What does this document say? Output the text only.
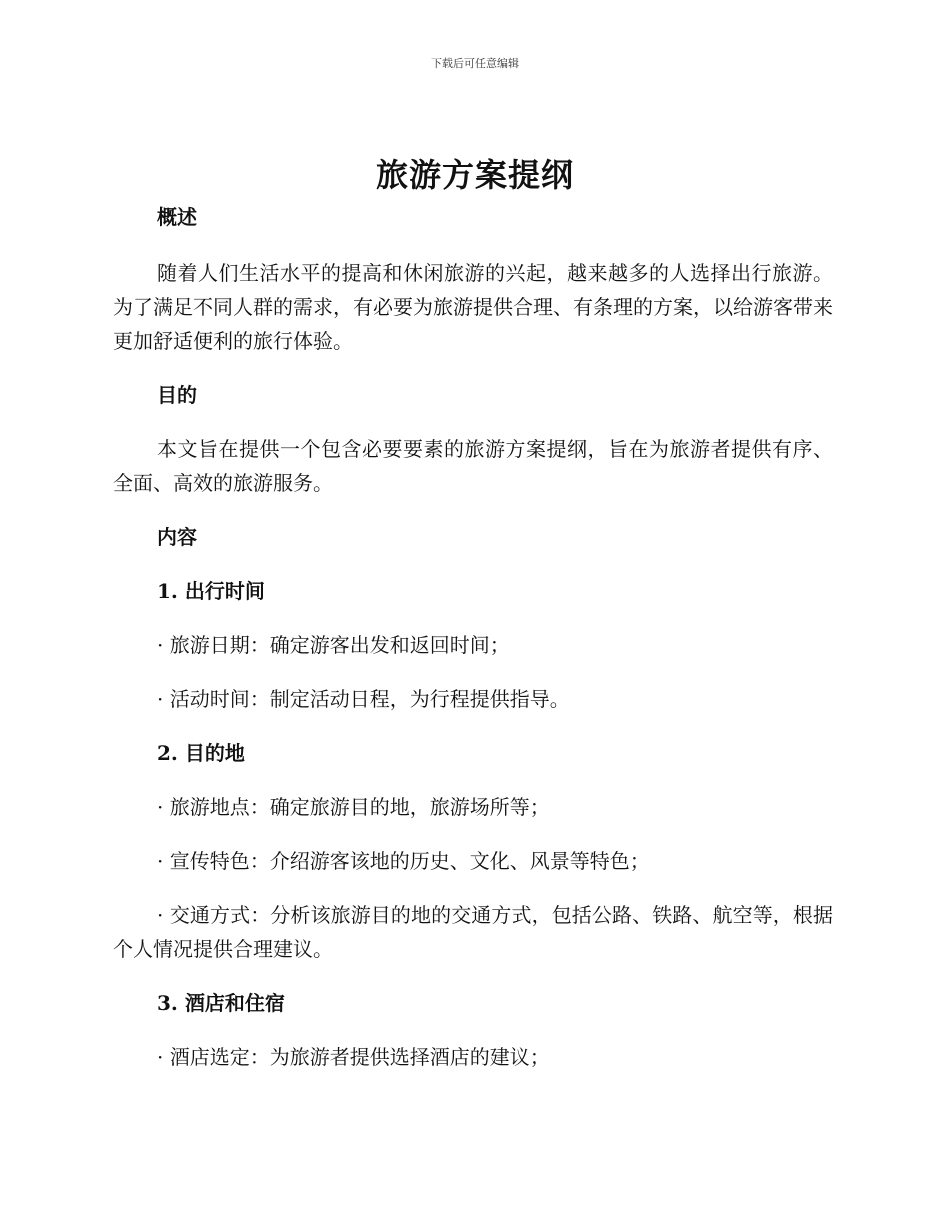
下载后可任意编辑
旅游方案提纲

概述

随着人们生活水平的提高和休闲旅游的兴起，越来越多的人选择出行旅游。为了满足不同人群的需求，有必要为旅游提供合理、有条理的方案，以给游客带来更加舒适便利的旅行体验。

目的

本文旨在提供一个包含必要要素的旅游方案提纲，旨在为旅游者提供有序、全面、高效的旅游服务。

内容

1. 出行时间

· 旅游日期：确定游客出发和返回时间；

· 活动时间：制定活动日程，为行程提供指导。

2. 目的地

· 旅游地点：确定旅游目的地，旅游场所等；

· 宣传特色：介绍游客该地的历史、文化、风景等特色；

· 交通方式：分析该旅游目的地的交通方式，包括公路、铁路、航空等，根据个人情况提供合理建议。

3. 酒店和住宿

· 酒店选定：为旅游者提供选择酒店的建议；
